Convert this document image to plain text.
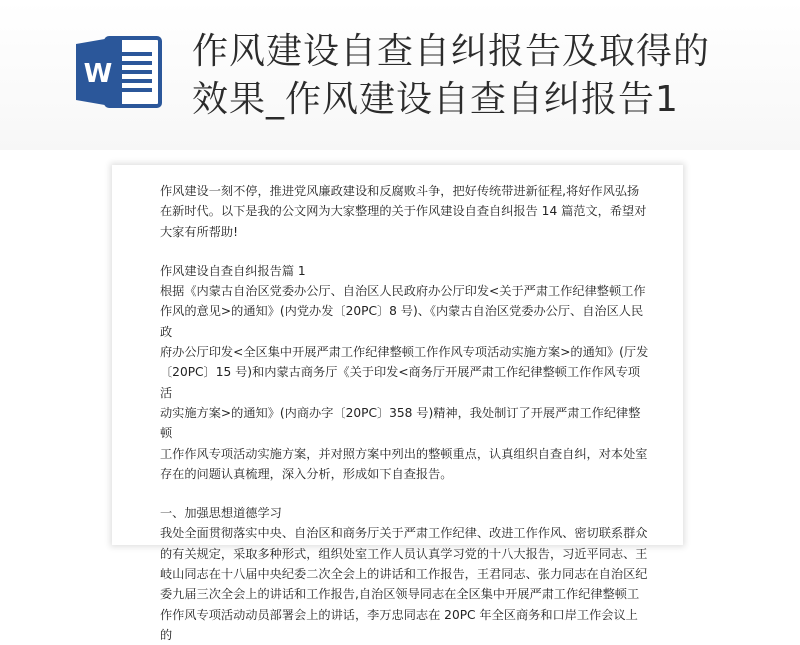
W
作风建设自查自纠报告及取得的
效果_作风建设自查自纠报告1

作风建设一刻不停，推进党风廉政建设和反腐败斗争，把好传统带进新征程,将好作风弘扬

在新时代。以下是我的公文网为大家整理的关于作风建设自查自纠报告 14 篇范文，希望对

大家有所帮助!

作风建设自查自纠报告篇 1

根据《内蒙古自治区党委办公厅、自治区人民政府办公厅印发<关于严肃工作纪律整顿工作

作风的意见>的通知》(内党办发〔20PC〕8 号)、《内蒙古自治区党委办公厅、自治区人民政

府办公厅印发<全区集中开展严肃工作纪律整顿工作作风专项活动实施方案>的通知》(厅发

〔20PC〕15 号)和内蒙古商务厅《关于印发<商务厅开展严肃工作纪律整顿工作作风专项活

动实施方案>的通知》(内商办字〔20PC〕358 号)精神，我处制订了开展严肃工作纪律整顿

工作作风专项活动实施方案，并对照方案中列出的整顿重点，认真组织自查自纠，对本处室

存在的问题认真梳理，深入分析，形成如下自查报告。

一、加强思想道德学习

我处全面贯彻落实中央、自治区和商务厅关于严肃工作纪律、改进工作作风、密切联系群众

的有关规定，采取多种形式，组织处室工作人员认真学习党的十八大报告，习近平同志、王

岐山同志在十八届中央纪委二次全会上的讲话和工作报告，王君同志、张力同志在自治区纪

委九届三次全会上的讲话和工作报告,自治区领导同志在全区集中开展严肃工作纪律整顿工

作作风专项活动动员部署会上的讲话，李万忠同志在 20PC 年全区商务和口岸工作会议上的
